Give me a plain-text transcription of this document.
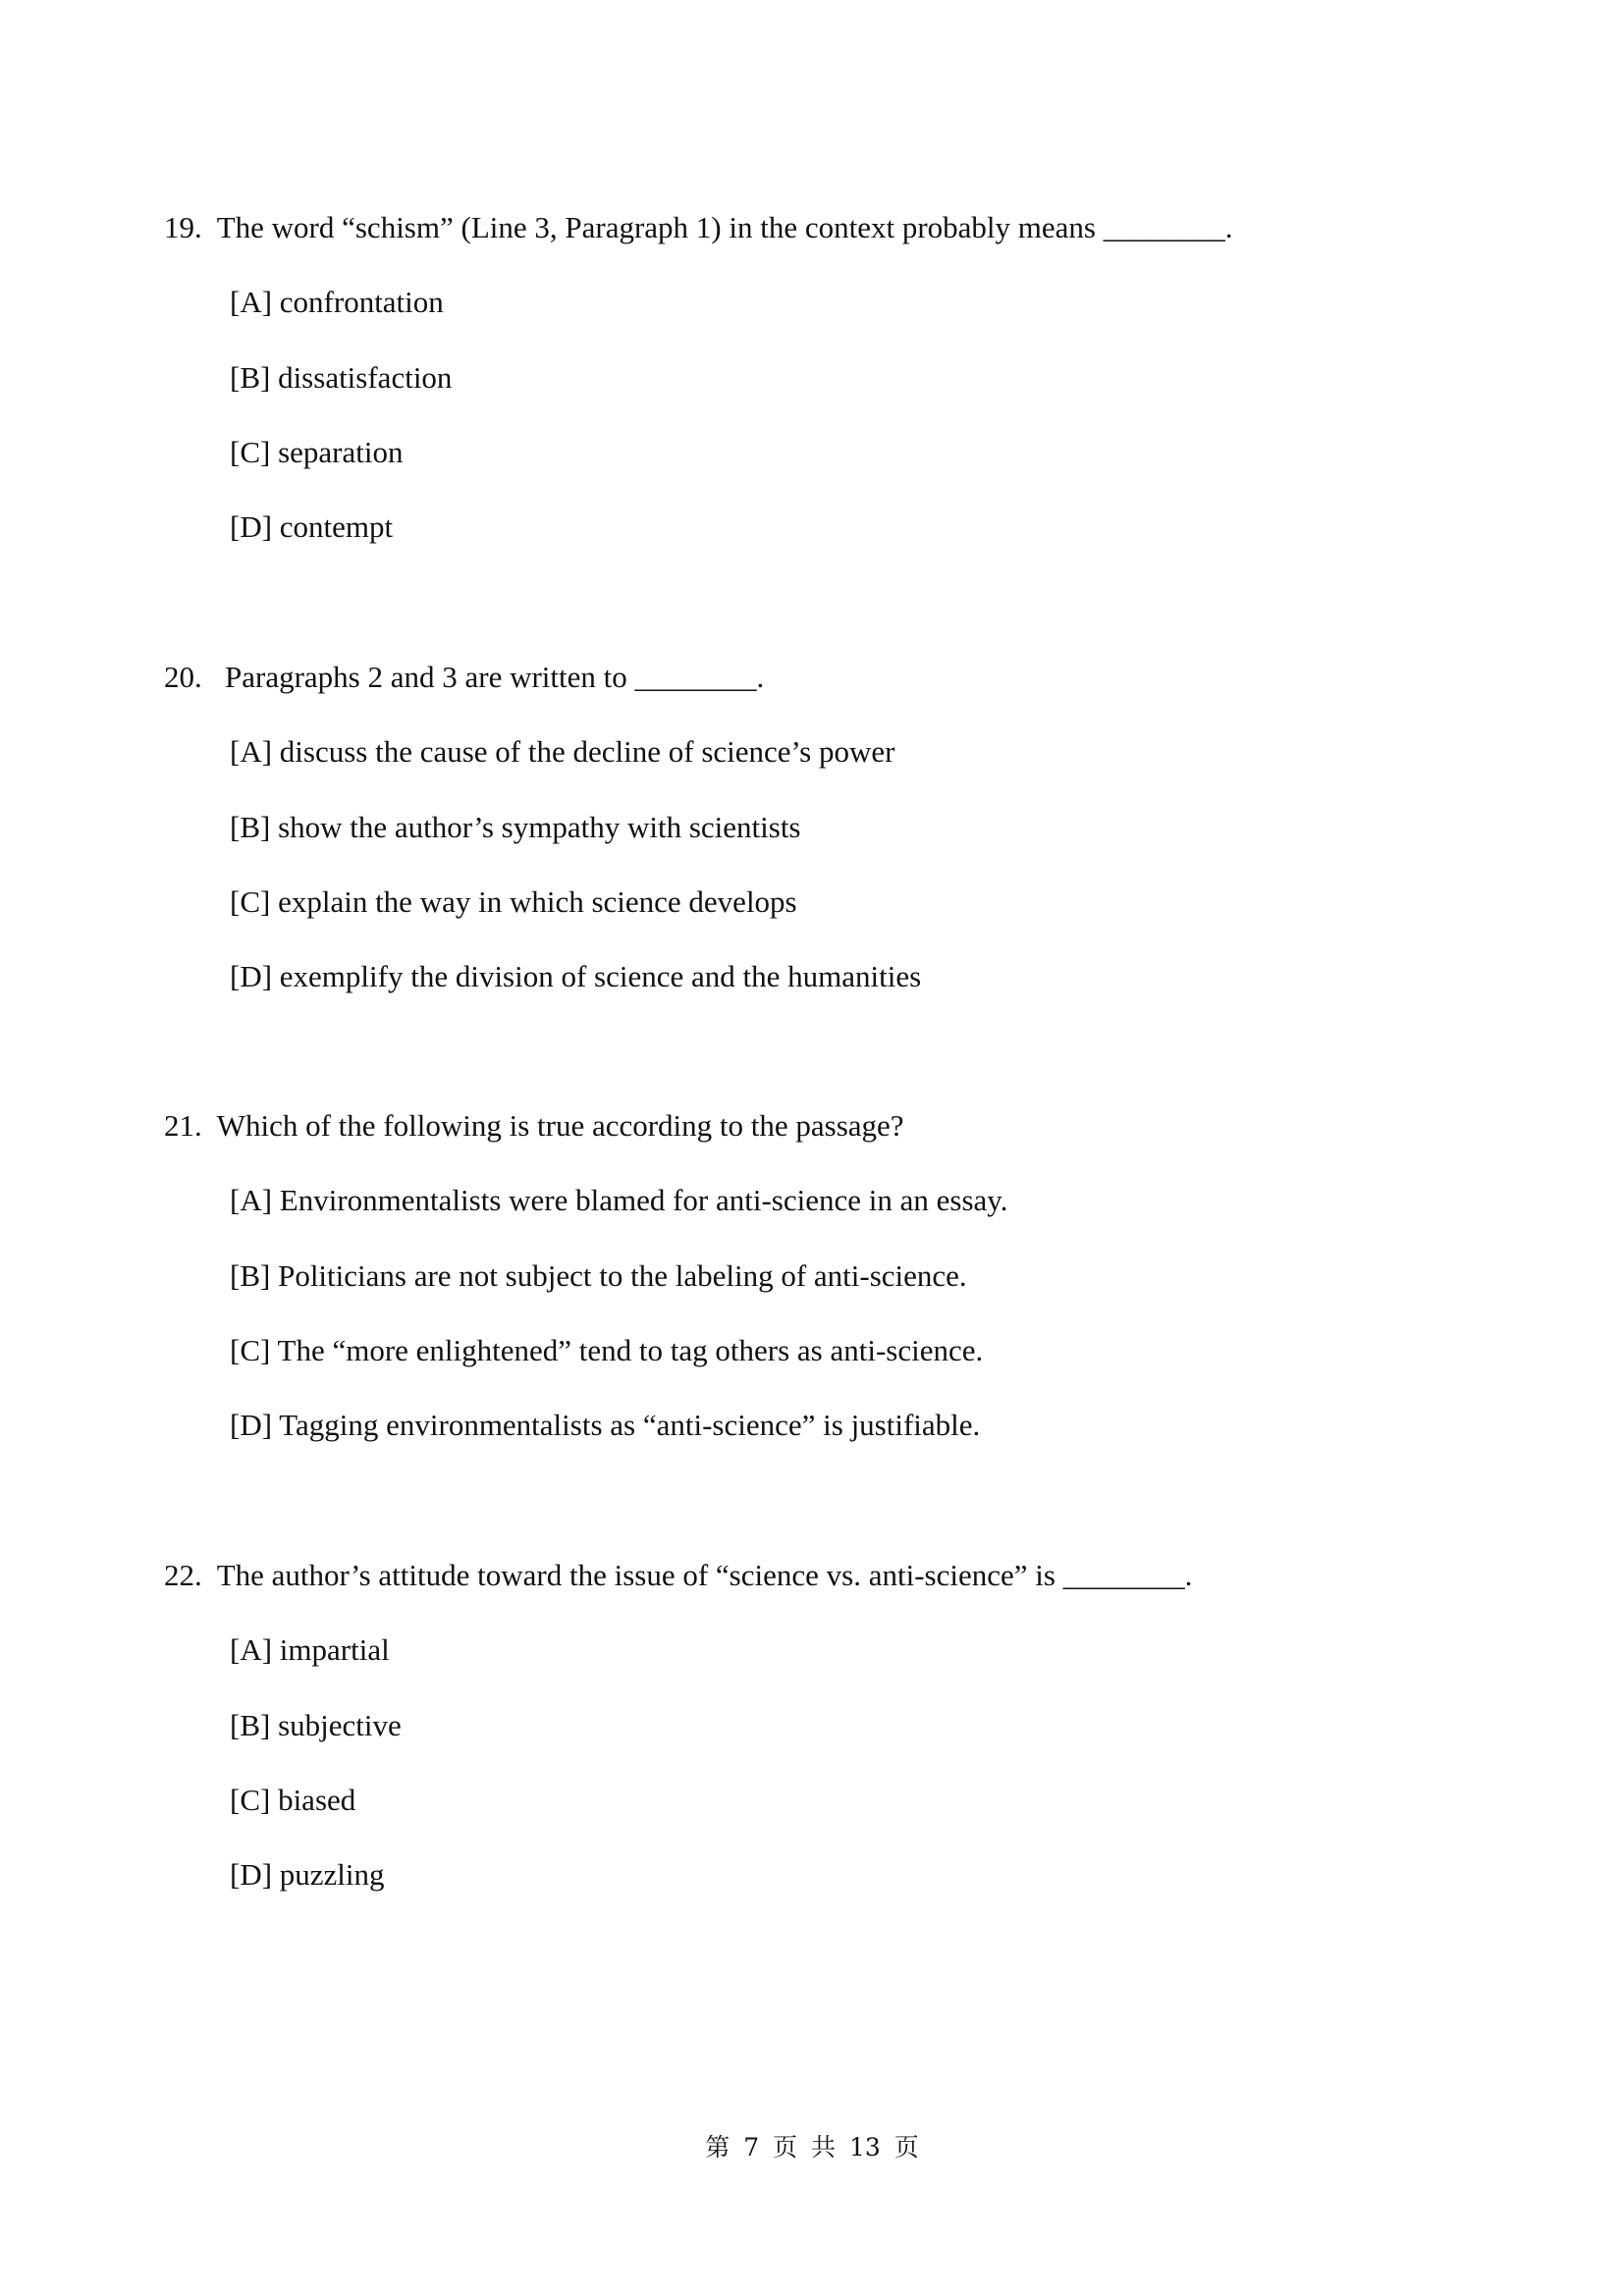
19. The word “schism” (Line 3, Paragraph 1) in the context probably means ________.
[A] confrontation
[B] dissatisfaction
[C] separation
[D] contempt
20.   Paragraphs 2 and 3 are written to ________.
[A] discuss the cause of the decline of science’s power
[B] show the author’s sympathy with scientists
[C] explain the way in which science develops
[D] exemplify the division of science and the humanities
21. Which of the following is true according to the passage?
[A] Environmentalists were blamed for anti-science in an essay.
[B] Politicians are not subject to the labeling of anti-science.
[C] The “more enlightened” tend to tag others as anti-science.
[D] Tagging environmentalists as “anti-science” is justifiable.
22. The author’s attitude toward the issue of “science vs. anti-science” is ________.
[A] impartial
[B] subjective
[C] biased
[D] puzzling
第 7 页 共 13 页
